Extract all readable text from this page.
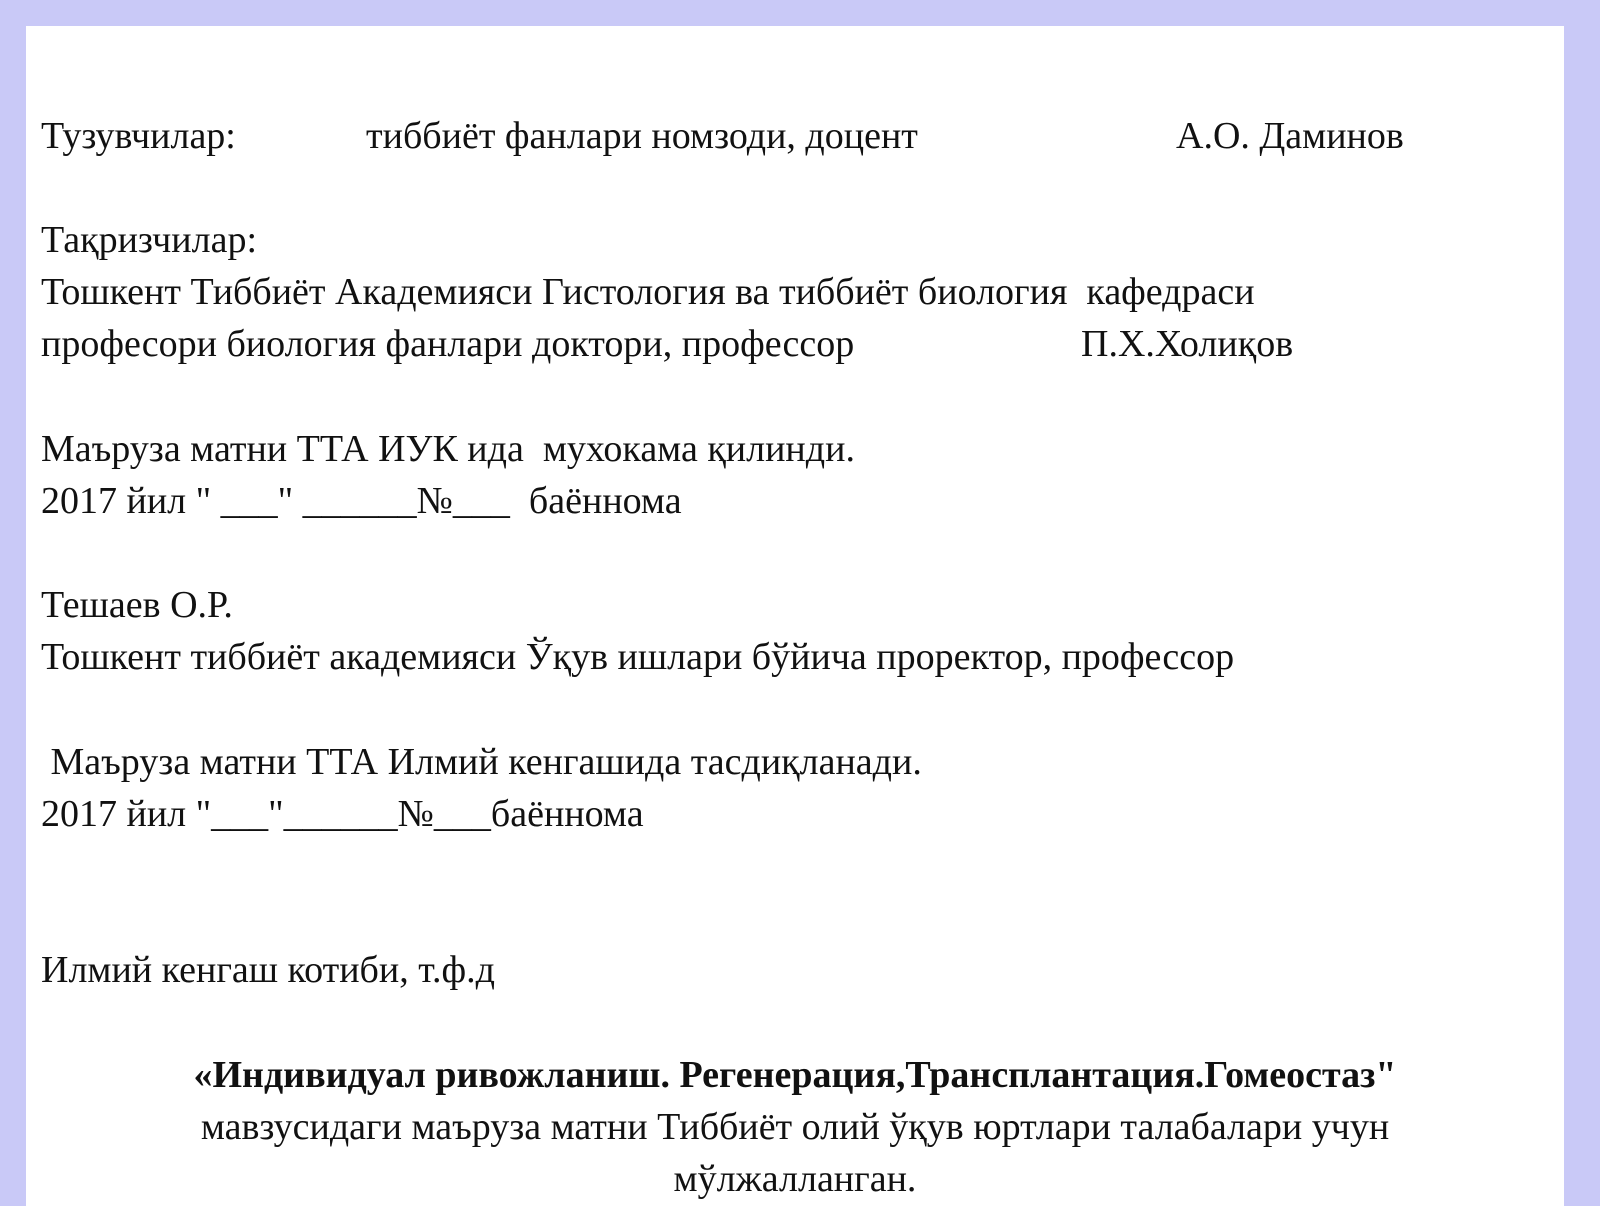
Тузувчилар:	тиббиёт фанлари номзоди, доцент	А.О. Даминов
Тақризчилар:
Тошкент Тиббиёт Академияси Гистология ва тиббиёт биология  кафедраси
професори биология фанлари доктори, профессор	П.Х.Холиқов
Маъруза матни ТТА ИУК ида  мухокама қилинди.
2017 йил " ___" ______№___  баённома
Тешаев О.Р.
Тошкент тиббиёт академияси Ўқув ишлари бўйича проректор, профессор
Маъруза матни ТТА Илмий кенгашида тасдиқланади.
2017 йил "___"______№___баённома
Илмий кенгаш котиби, т.ф.д
«Индивидуал ривожланиш. Регенерация,Трансплантация.Гомеостаз"
мавзусидаги маъруза матни Тиббиёт олий ўқув юртлари талабалари учун
мўлжалланган.
